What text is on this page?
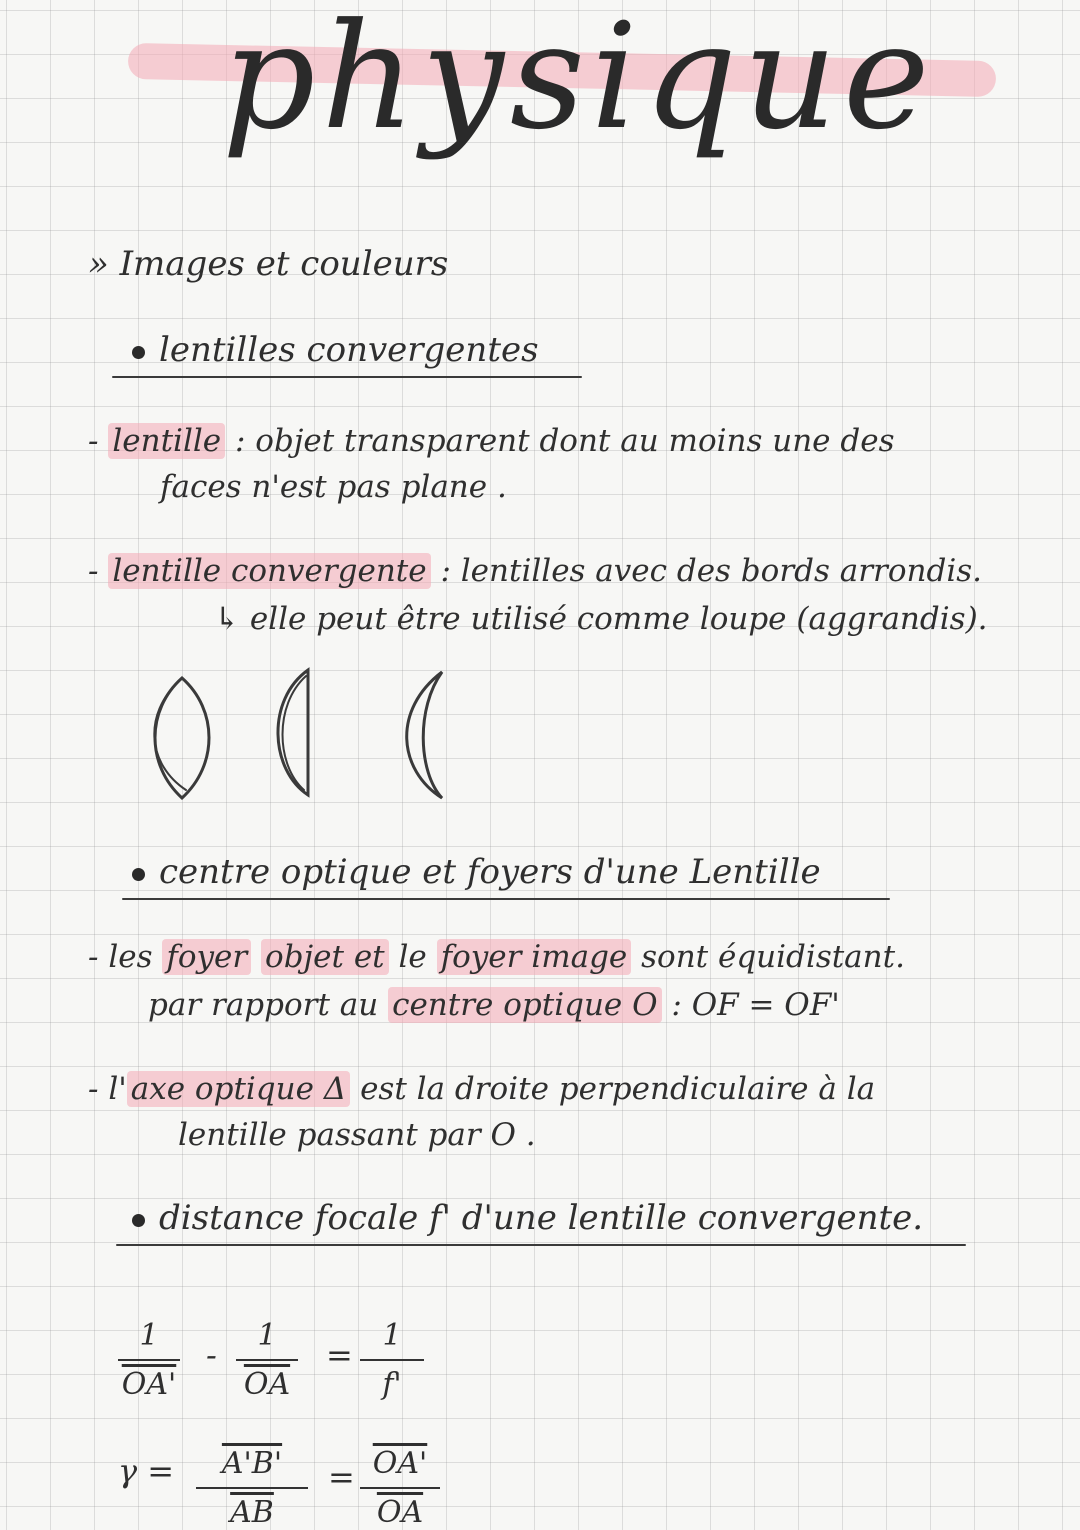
physique
» Images et couleurs
lentilles convergentes
- lentille : objet transparent dont au moins une des
faces n'est pas plane .
- lentille convergente : lentilles avec des bords arrondis.
↳ elle peut être utilisé comme loupe (aggrandis).
centre optique et foyers d'une Lentille
- les foyer objet et le foyer image sont équidistant.
par rapport au centre optique O : OF = OF'
- l' axe optique Δ est la droite perpendiculaire à la
lentille passant par O .
distance focale f' d'une lentille convergente.
$\frac{1}{OA'} - \frac{1}{OA}$ =
1
f'
$\gamma = \frac{A'B'}{AB} = \frac{OA'}{OA}$
